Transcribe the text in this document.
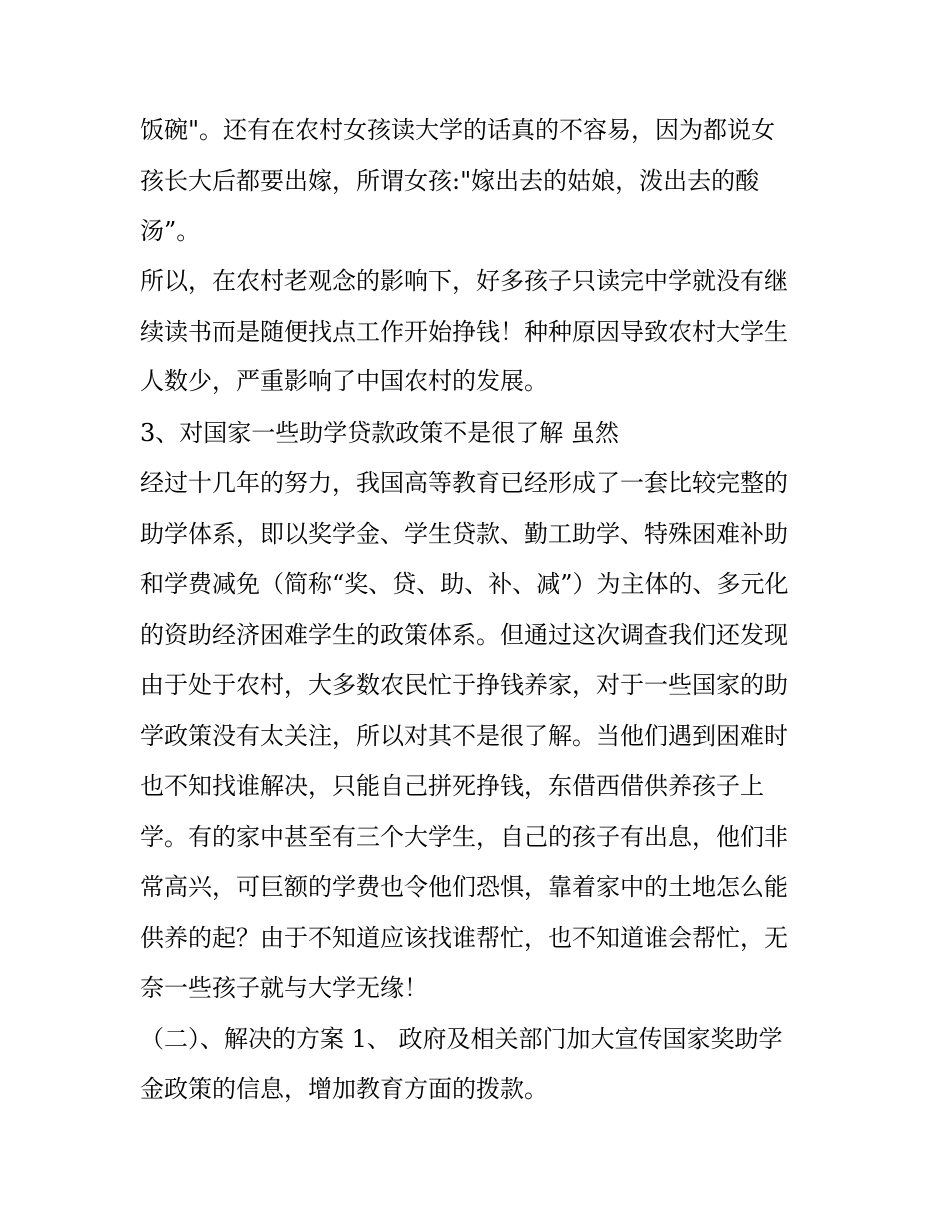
饭碗"。还有在农村女孩读大学的话真的不容易，因为都说女
孩长大后都要出嫁，所谓女孩:"嫁出去的姑娘，泼出去的酸
汤”。
所以，在农村老观念的影响下，好多孩子只读完中学就没有继
续读书而是随便找点工作开始挣钱！种种原因导致农村大学生
人数少，严重影响了中国农村的发展。
3、对国家一些助学贷款政策不是很了解 虽然
经过十几年的努力，我国高等教育已经形成了一套比较完整的
助学体系，即以奖学金、学生贷款、勤工助学、特殊困难补助
和学费减免（简称“奖、贷、助、补、减”）为主体的、多元化
的资助经济困难学生的政策体系。但通过这次调查我们还发现
由于处于农村，大多数农民忙于挣钱养家，对于一些国家的助
学政策没有太关注，所以对其不是很了解。当他们遇到困难时
也不知找谁解决，只能自己拼死挣钱，东借西借供养孩子上
学。有的家中甚至有三个大学生，自己的孩子有出息，他们非
常高兴，可巨额的学费也令他们恐惧，靠着家中的土地怎么能
供养的起？由于不知道应该找谁帮忙，也不知道谁会帮忙，无
奈一些孩子就与大学无缘！
（二）、解决的方案 1、 政府及相关部门加大宣传国家奖助学
金政策的信息，增加教育方面的拨款。
